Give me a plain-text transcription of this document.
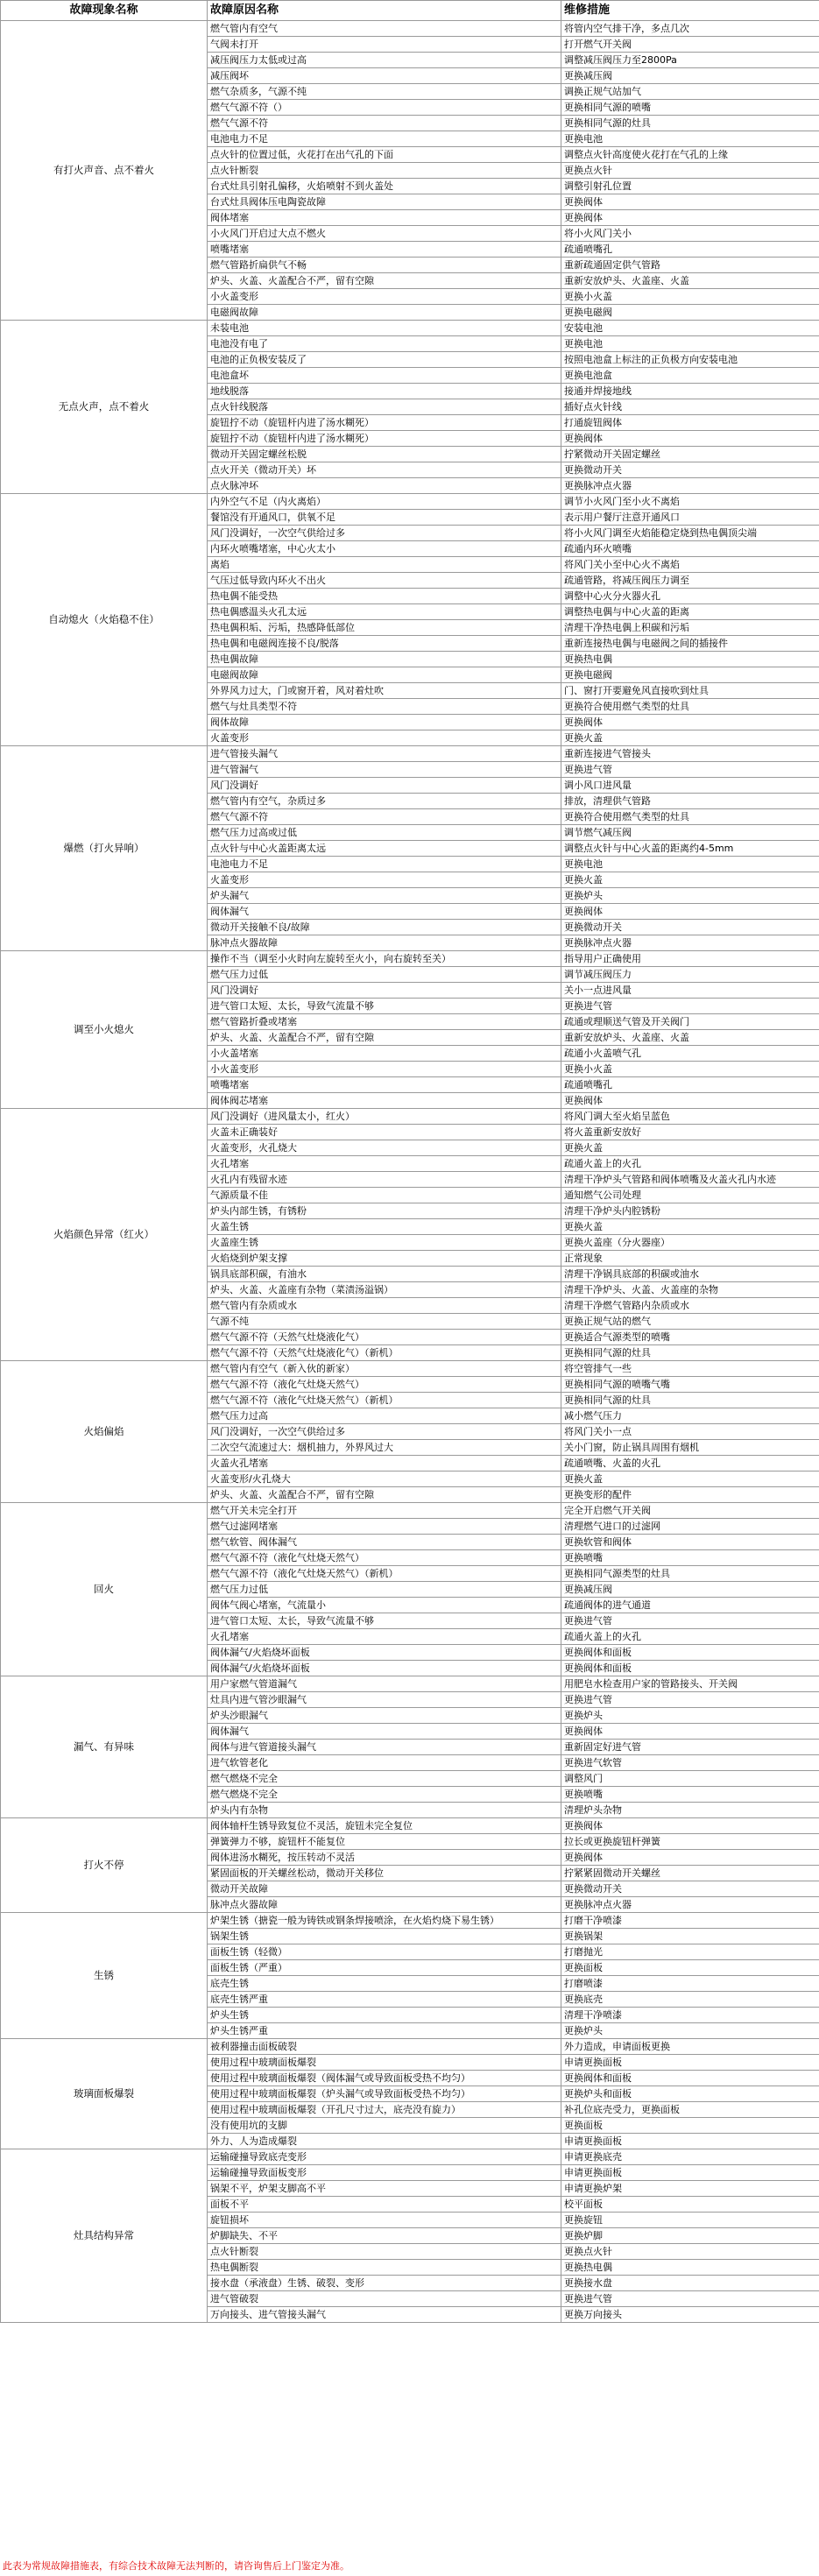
故障现象名称	故障原因名称	维修措施
有打火声音、点不着火	燃气管内有空气	将管内空气排干净，多点几次
	气阀未打开	打开燃气开关阀
	减压阀压力太低或过高	调整减压阀压力至2800Pa
	减压阀坏	更换减压阀
	燃气杂质多，气源不纯	调换正规气站加气
	燃气气源不符（）	更换相同气源的喷嘴
	燃气气源不符	更换相同气源的灶具
	电池电力不足	更换电池
	点火针的位置过低，火花打在出气孔的下面	调整点火针高度使火花打在气孔的上缘
	点火针断裂	更换点火针
	台式灶具引射孔偏移，火焰喷射不到火盖处	调整引射孔位置
	台式灶具阀体压电陶瓷故障	更换阀体
	阀体堵塞	更换阀体
	小火风门开启过大点不燃火	将小火风门关小
	喷嘴堵塞	疏通喷嘴孔
	燃气管路折扁供气不畅	重新疏通固定供气管路
	炉头、火盖、火盖配合不严，留有空隙	重新安放炉头、火盖座、火盖
	小火盖变形	更换小火盖
	电磁阀故障	更换电磁阀
无点火声，点不着火	未装电池	安装电池
	电池没有电了	更换电池
	电池的正负极安装反了	按照电池盒上标注的正负极方向安装电池
	电池盒坏	更换电池盒
	地线脱落	接通并焊接地线
	点火针线脱落	插好点火针线
	旋钮拧不动（旋钮杆内进了汤水糊死）	打通旋钮阀体
	旋钮拧不动（旋钮杆内进了汤水糊死）	更换阀体
	微动开关固定螺丝松脱	拧紧微动开关固定螺丝
	点火开关（微动开关）坏	更换微动开关
	点火脉冲坏	更换脉冲点火器
自动熄火（火焰稳不住）	内外空气不足（内火离焰）	调节小火风门至小火不离焰
	餐馆没有开通风口，供氧不足	表示用户餐厅注意开通风口
	风门没调好，一次空气供给过多	将小火风门调至火焰能稳定烧到热电偶顶尖端
	内环火喷嘴堵塞，中心火太小	疏通内环火喷嘴
	离焰	将风门关小至中心火不离焰
	气压过低导致内环火不出火	疏通管路，将减压阀压力调至
	热电偶不能受热	调整中心火分火器火孔
	热电偶感温头火孔太远	调整热电偶与中心火盖的距离
	热电偶积垢、污垢，热感降低部位	清理干净热电偶上积碳和污垢
	热电偶和电磁阀连接不良/脱落	重新连接热电偶与电磁阀之间的插接件
	热电偶故障	更换热电偶
	电磁阀故障	更换电磁阀
	外界风力过大，门或窗开着，风对着灶吹	门、窗打开要避免风直接吹到灶具
	燃气与灶具类型不符	更换符合使用燃气类型的灶具
	阀体故障	更换阀体
	火盖变形	更换火盖
爆燃（打火异响）	进气管接头漏气	重新连接进气管接头
	进气管漏气	更换进气管
	风门没调好	调小风口进风量
	燃气管内有空气，杂质过多	排放，清理供气管路
	燃气气源不符	更换符合使用燃气类型的灶具
	燃气压力过高或过低	调节燃气减压阀
	点火针与中心火盖距离太远	调整点火针与中心火盖的距离约4-5mm
	电池电力不足	更换电池
	火盖变形	更换火盖
	炉头漏气	更换炉头
	阀体漏气	更换阀体
	微动开关接触不良/故障	更换微动开关
	脉冲点火器故障	更换脉冲点火器
调至小火熄火	操作不当（调至小火时向左旋转至火小，向右旋转至关）	指导用户正确使用
	燃气压力过低	调节减压阀压力
	风门没调好	关小一点进风量
	进气管口太短、太长，导致气流量不够	更换进气管
	燃气管路折叠或堵塞	疏通或理顺送气管及开关阀门
	炉头、火盖、火盖配合不严，留有空隙	重新安放炉头、火盖座、火盖
	小火盖堵塞	疏通小火盖喷气孔
	小火盖变形	更换小火盖
	喷嘴堵塞	疏通喷嘴孔
	阀体阀芯堵塞	更换阀体
火焰颜色异常（红火）	风门没调好（进风量太小，红火）	将风门调大至火焰呈蓝色
	火盖未正确装好	将火盖重新安放好
	火盖变形，火孔烧大	更换火盖
	火孔堵塞	疏通火盖上的火孔
	火孔内有残留水迹	清理干净炉头气管路和阀体喷嘴及火盖火孔内水迹
	气源质量不佳	通知燃气公司处理
	炉头内部生锈，有锈粉	清理干净炉头内腔锈粉
	火盖生锈	更换火盖
	火盖座生锈	更换火盖座（分火器座）
	火焰烧到炉架支撑	正常现象
	锅具底部积碳，有油水	清理干净锅具底部的积碳或油水
	炉头、火盖、火盖座有杂物（菜渍汤溢锅）	清理干净炉头、火盖、火盖座的杂物
	燃气管内有杂质或水	清理干净燃气管路内杂质或水
	气源不纯	更换正规气站的燃气
	燃气气源不符（天然气灶烧液化气）	更换适合气源类型的喷嘴
	燃气气源不符（天然气灶烧液化气）（新机）	更换相同气源的灶具
火焰偏焰	燃气管内有空气（新入伙的新家）	将空管排气一些
	燃气气源不符（液化气灶烧天然气）	更换相同气源的喷嘴气嘴
	燃气气源不符（液化气灶烧天然气）（新机）	更换相同气源的灶具
	燃气压力过高	减小燃气压力
	风门没调好，一次空气供给过多	将风门关小一点
	二次空气流速过大：烟机抽力，外界风过大	关小门窗，防止锅具周围有烟机
	火盖火孔堵塞	疏通喷嘴、火盖的火孔
	火盖变形/火孔烧大	更换火盖
	炉头、火盖、火盖配合不严，留有空隙	更换变形的配件
回火	燃气开关未完全打开	完全开启燃气开关阀
	燃气过滤网堵塞	清理燃气进口的过滤网
	燃气软管、阀体漏气	更换软管和阀体
	燃气气源不符（液化气灶烧天然气）	更换喷嘴
	燃气气源不符（液化气灶烧天然气）（新机）	更换相同气源类型的灶具
	燃气压力过低	更换减压阀
	阀体气阀心堵塞，气流量小	疏通阀体的进气通道
	进气管口太短、太长，导致气流量不够	更换进气管
	火孔堵塞	疏通火盖上的火孔
	阀体漏气/火焰烧坏面板	更换阀体和面板
	阀体漏气/火焰烧坏面板	更换阀体和面板
漏气、有异味	用户家燃气管道漏气	用肥皂水检查用户家的管路接头、开关阀
	灶具内进气管沙眼漏气	更换进气管
	炉头沙眼漏气	更换炉头
	阀体漏气	更换阀体
	阀体与进气管道接头漏气	重新固定好进气管
	进气软管老化	更换进气软管
	燃气燃烧不完全	调整风门
	燃气燃烧不完全	更换喷嘴
	炉头内有杂物	清理炉头杂物
打火不停	阀体轴杆生锈导致复位不灵活，旋钮未完全复位	更换阀体
	弹簧弹力不够，旋钮杆不能复位	拉长或更换旋钮杆弹簧
	阀体进汤水糊死，按压转动不灵活	更换阀体
	紧固面板的开关螺丝松动，微动开关移位	拧紧紧固微动开关螺丝
	微动开关故障	更换微动开关
	脉冲点火器故障	更换脉冲点火器
生锈	炉架生锈（搪瓷一般为铸铁或钢条焊接喷涂，在火焰灼烧下易生锈）	打磨干净喷漆
	锅架生锈	更换锅架
	面板生锈（轻微）	打磨抛光
	面板生锈（严重）	更换面板
	底壳生锈	打磨喷漆
	底壳生锈严重	更换底壳
	炉头生锈	清理干净喷漆
	炉头生锈严重	更换炉头
玻璃面板爆裂	被利器撞击面板破裂	外力造成，申请面板更换
	使用过程中玻璃面板爆裂	申请更换面板
	使用过程中玻璃面板爆裂（阀体漏气或导致面板受热不均匀）	更换阀体和面板
	使用过程中玻璃面板爆裂（炉头漏气或导致面板受热不均匀）	更换炉头和面板
	使用过程中玻璃面板爆裂（开孔尺寸过大，底壳没有旋力）	补孔位底壳受力，更换面板
	没有使用坑的支脚	更换面板
	外力、人为造成爆裂	申请更换面板
灶具结构异常	运输碰撞导致底壳变形	申请更换底壳
	运输碰撞导致面板变形	申请更换面板
	锅架不平，炉架支脚高不平	申请更换炉架
	面板不平	校平面板
	旋钮损坏	更换旋钮
	炉脚缺失、不平	更换炉脚
	点火针断裂	更换点火针
	热电偶断裂	更换热电偶
	接水盘（承液盘）生锈、破裂、变形	更换接水盘
	进气管破裂	更换进气管
	万向接头、进气管接头漏气	更换万向接头
此表为常规故障措施表，有综合技术故障无法判断的，请咨询售后上门鉴定为准。
